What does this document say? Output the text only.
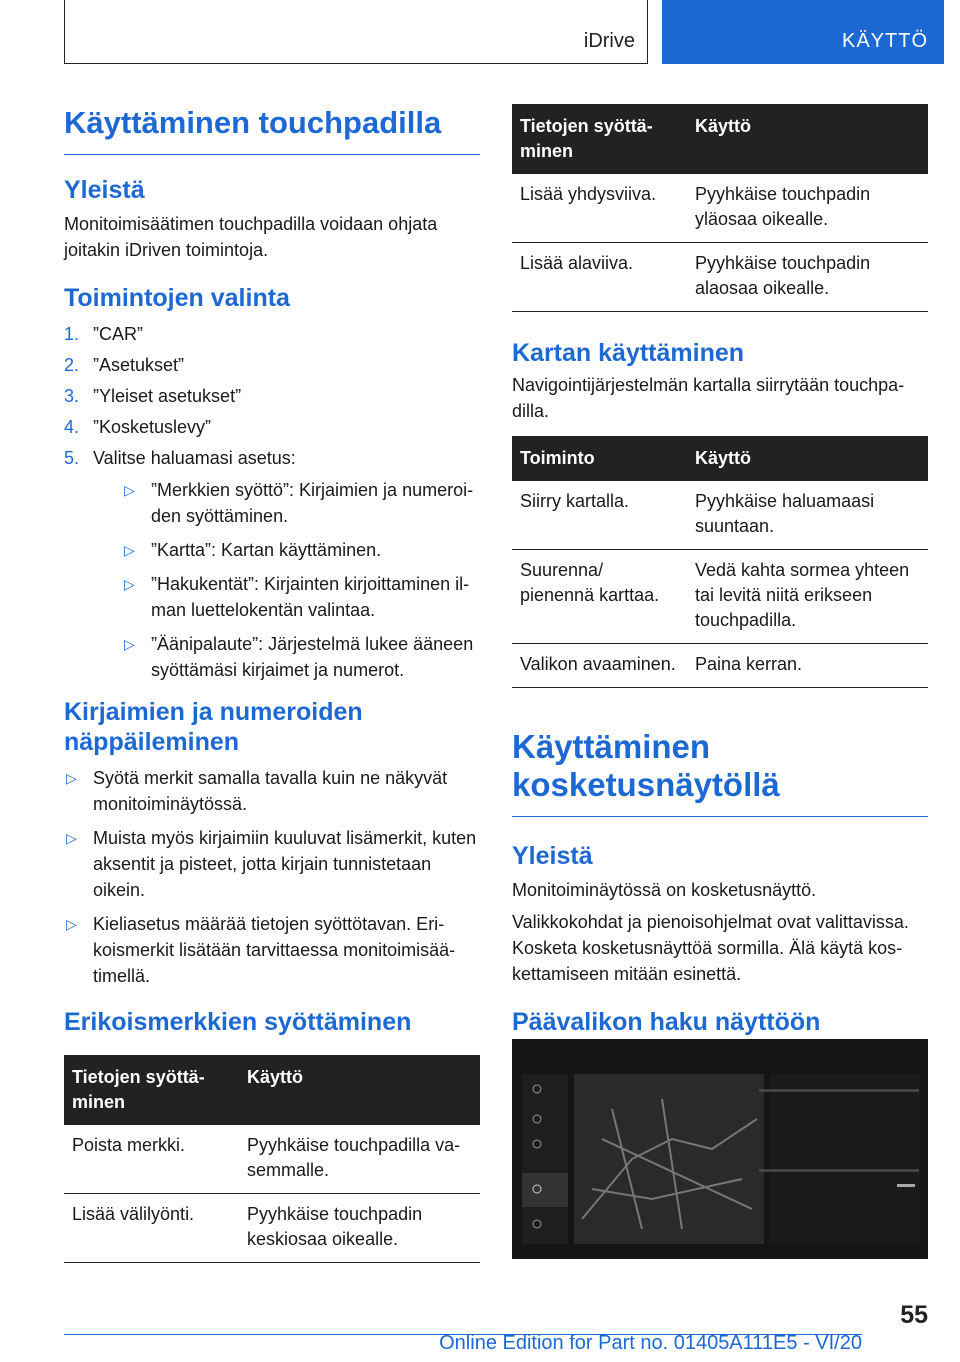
iDrive	KÄYTTÖ
Käyttäminen touchpadilla
Yleistä

Monitoimisäätimen touchpadilla voidaan ohjata joitakin iDriven toimintoja.

Toimintojen valinta
1. ”CAR”
2. ”Asetukset”
3. ”Yleiset asetukset”
4. ”Kosketuslevy”
5. Valitse haluamasi asetus:
▷ ”Merkkien syöttö”: Kirjaimien ja numeroiden syöttäminen.
▷ ”Kartta”: Kartan käyttäminen.
▷ ”Hakukentät”: Kirjainten kirjoittaminen ilman luettelokentän valintaa.
▷ ”Äänipalaute”: Järjestelmä lukee ääneen syöttämäsi kirjaimet ja numerot.
Kirjaimien ja numeroiden näppäileminen
▷ Syötä merkit samalla tavalla kuin ne näkyvät monitoiminäytössä.
▷ Muista myös kirjaimiin kuuluvat lisämerkit, kuten aksentit ja pisteet, jotta kirjain tunnistetaan oikein.
▷ Kieliasetus määrää tietojen syöttötavan. Erikoismerkit lisätään tarvittaessa monitoimisäätimellä.
Erikoismerkkien syöttäminen
Tietojen syöttäminen	Käyttö
Poista merkki.	Pyyhkäise touchpadilla vasemmalle.
Lisää välilyönti.	Pyyhkäise touchpadin keskiosaa oikealle.
Tietojen syöttäminen	Käyttö
Lisää yhdysviiva.	Pyyhkäise touchpadin yläosaa oikealle.
Lisää alaviiva.	Pyyhkäise touchpadin alaosaa oikealle.
Kartan käyttäminen

Navigointijärjestelmän kartalla siirrytään touchpadilla.

Toiminto	Käyttö
Siirry kartalla.	Pyyhkäise haluamaasi suuntaan.
Suurenna/ pienennä karttaa.	Vedä kahta sormea yhteen tai levitä niitä erikseen touchpadilla.
Valikon avaaminen.	Paina kerran.
Käyttäminen kosketusnäytöllä
Yleistä

Monitoiminäytössä on kosketusnäyttö.

Valikkokohdat ja pienoisohjelmat ovat valittavissa. Kosketa kosketusnäyttöä sormilla. Älä käytä koskettamiseen mitään esinettä.

Päävalikon haku näyttöön

55
Online Edition for Part no. 01405A111E5 - VI/20
